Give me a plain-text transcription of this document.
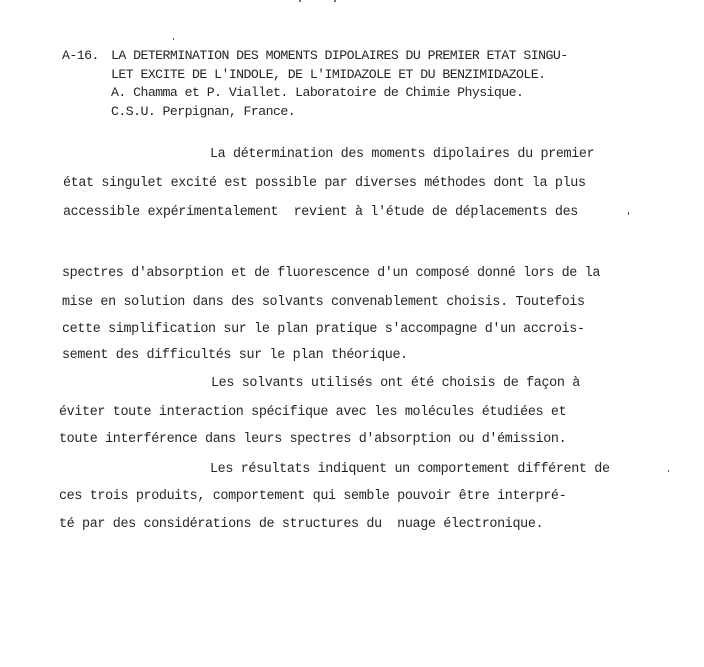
A-16. LA DETERMINATION DES MOMENTS DIPOLAIRES DU PREMIER ETAT SINGU-
LET EXCITE DE L'INDOLE, DE L'IMIDAZOLE ET DU BENZIMIDAZOLE.
A. Chamma et P. Viallet. Laboratoire de Chimie Physique.
C.S.U. Perpignan, France.
La détermination des moments dipolaires du premier
état singulet excité est possible par diverses méthodes dont la plus
accessible expérimentalement  revient à l'étude de déplacements des
spectres d'absorption et de fluorescence d'un composé donné lors de la
mise en solution dans des solvants convenablement choisis. Toutefois
cette simplification sur le plan pratique s'accompagne d'un accrois-
sement des difficultés sur le plan théorique.
Les solvants utilisés ont été choisis de façon à
éviter toute interaction spécifique avec les molécules étudiées et
toute interférence dans leurs spectres d'absorption ou d'émission.
Les résultats indiquent un comportement différent de
ces trois produits, comportement qui semble pouvoir être interpré-
té par des considérations de structures du  nuage électronique.
